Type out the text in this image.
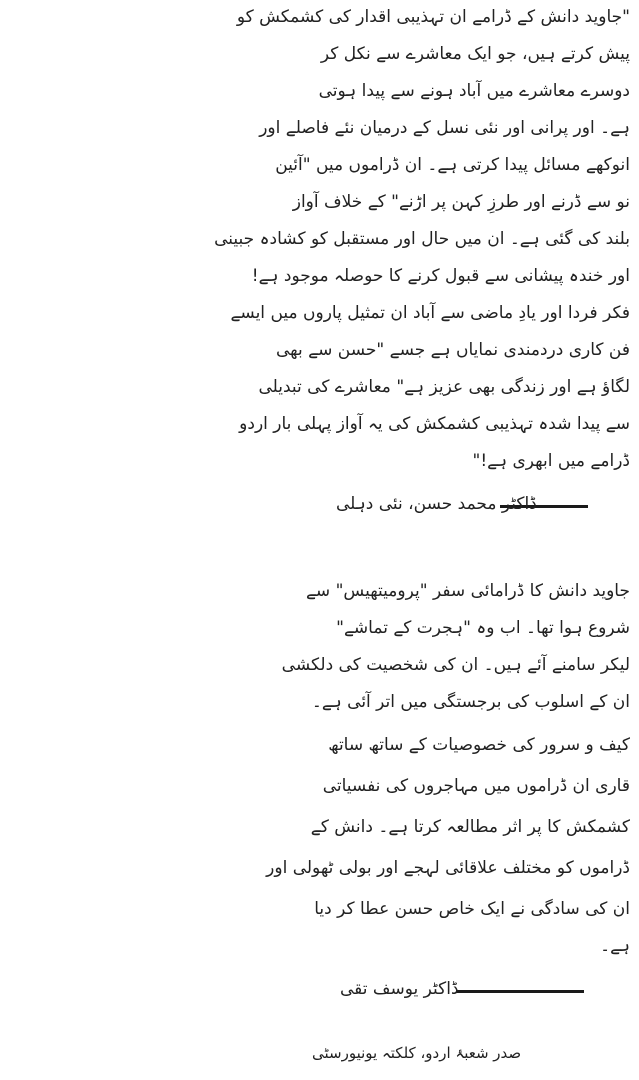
"جاوید دانش کے ڈرامے ان تہذیبی اقدار کی کشمکش کو
پیش کرتے ہیں، جو ایک معاشرے سے نکل کر
دوسرے معاشرے میں آباد ہونے سے پیدا ہوتی
ہے۔ اور پرانی اور نئی نسل کے درمیان نئے فاصلے اور
انوکھے مسائل پیدا کرتی ہے۔ ان ڈراموں میں "آئین
نو سے ڈرنے اور طرزِ کہن پر اڑنے" کے خلاف آواز
بلند کی گئی ہے۔ ان میں حال اور مستقبل کو کشادہ جبینی
اور خندہ پیشانی سے قبول کرنے کا حوصلہ موجود ہے!
فکر فردا اور یادِ ماضی سے آباد ان تمثیل پاروں میں ایسے
فن کاری دردمندی نمایاں ہے جسے "حسن سے بھی
لگاؤ ہے اور زندگی بھی عزیز ہے" معاشرے کی تبدیلی
سے پیدا شدہ تہذیبی کشمکش کی یہ آواز پہلی بار اردو
ڈرامے میں ابھری ہے!"
ڈاکٹر محمد حسن، نئی دہلی
جاوید دانش کا ڈرامائی سفر "پرومیتھیس" سے
شروع ہوا تھا۔ اب وہ "ہجرت کے تماشے"
لیکر سامنے آئے ہیں۔ ان کی شخصیت کی دلکشی
ان کے اسلوب کی برجستگی میں اتر آئی ہے۔
کیف و سرور کی خصوصیات کے ساتھ ساتھ
قاری ان ڈراموں میں مہاجروں کی نفسیاتی
کشمکش کا پر اثر مطالعہ کرتا ہے۔ دانش کے
ڈراموں کو مختلف علاقائی لہجے اور بولی ٹھولی اور
ان کی سادگی نے ایک خاص حسن عطا کر دیا
ہے۔
ڈاکٹر یوسف تقی
صدر شعبۂ اردو، کلکتہ یونیورسٹی
